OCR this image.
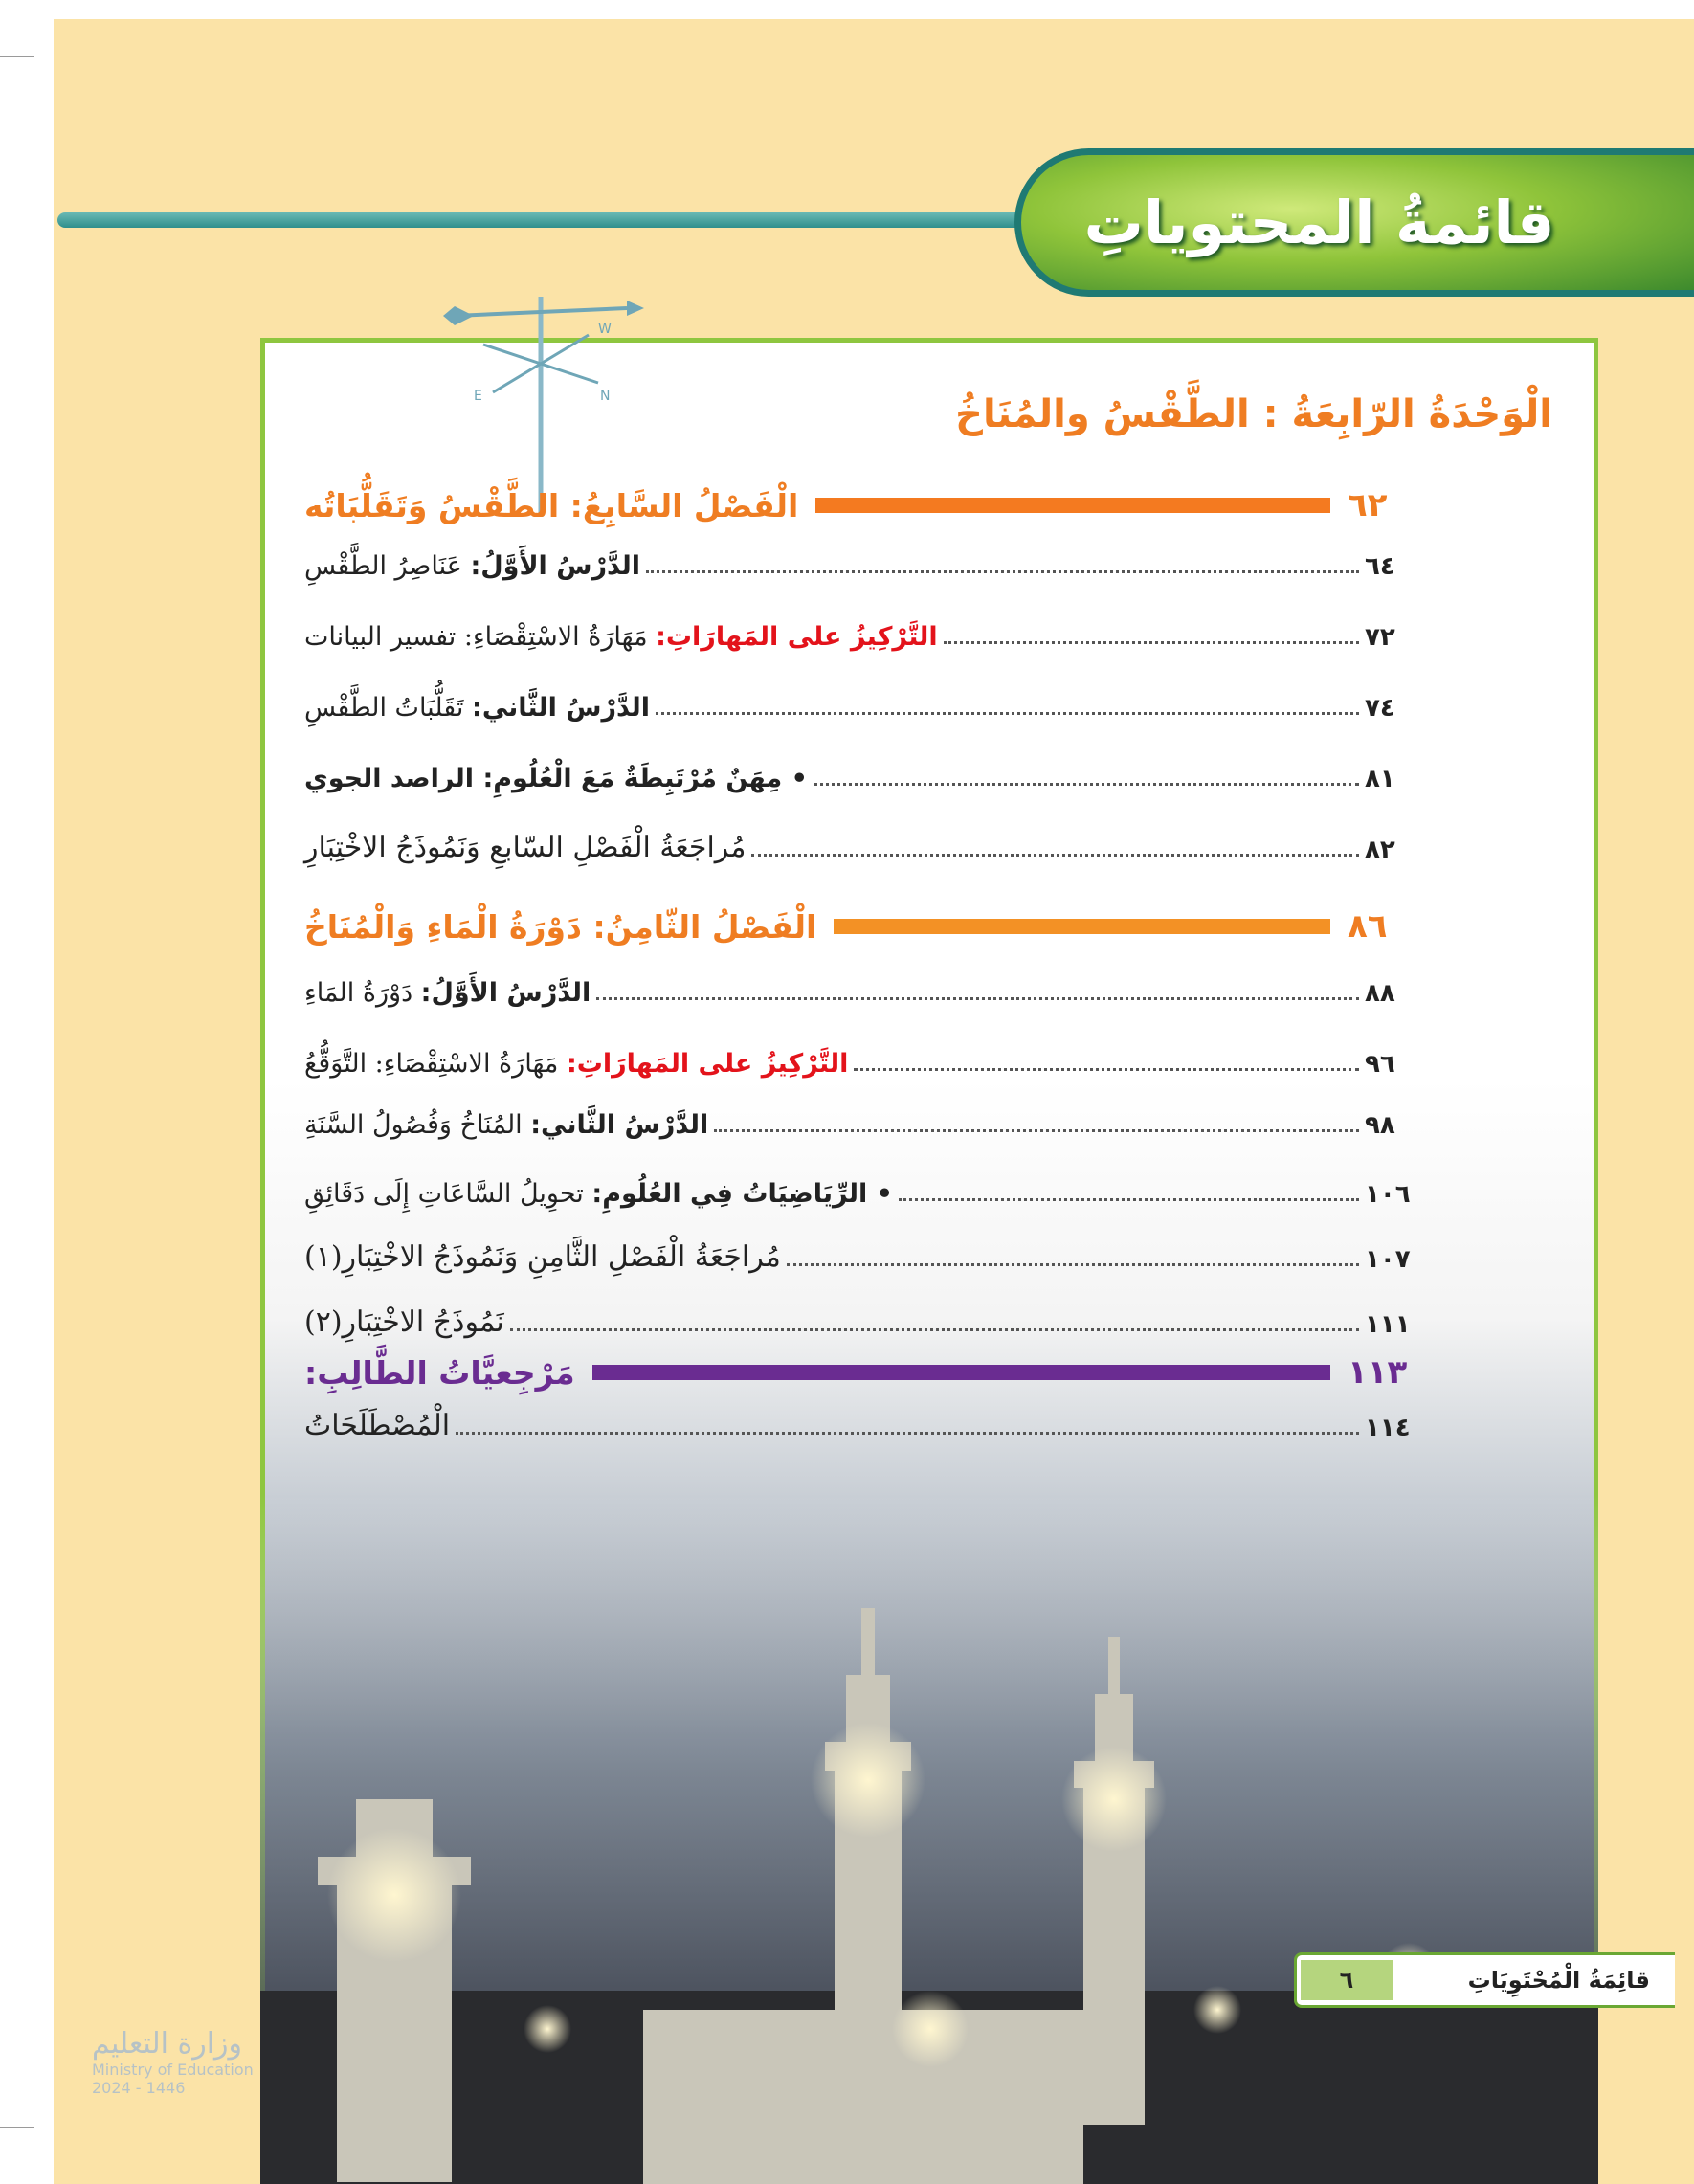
قائمةُ المحتوياتِ
E
W
N	الْوَحْدَةُ الرّابِعَةُ : الطَّقْسُ والمُنَاخُ
الْفَصْلُ السَّابِعُ: الطَّقْسُ وَتَقَلُّبَاتُه	٦٢
الدَّرْسُ الأَوَّلُ: عَنَاصِرُ الطَّقْسِ	٦٤
التَّرْكِيزُ على المَهارَاتِ: مَهَارَةُ الاسْتِقْصَاءِ: تفسير البيانات	٧٢
الدَّرْسُ الثَّاني: تَقَلُّبَاتُ الطَّقْسِ	٧٤
• مِهَنٌ مُرْتَبِطَةٌ مَعَ الْعُلُومِ: الراصد الجوي	٨١
مُراجَعَةُ الْفَصْلِ السّابعِ وَنَمُوذَجُ الاخْتِبَارِ	٨٢
الْفَصْلُ الثّامِنُ: دَوْرَةُ الْمَاءِ وَالْمُنَاخُ	٨٦
الدَّرْسُ الأَوَّلُ: دَوْرَةُ المَاءِ	٨٨
التَّرْكِيزُ على المَهارَاتِ: مَهَارَةُ الاسْتِقْصَاءِ: التَّوَقُّعُ	٩٦
الدَّرْسُ الثَّاني: المُنَاخُ وَفُصُولُ السَّنَةِ	٩٨
• الرِّيَاضِيَاتُ فِي العُلُومِ: تحوِيلُ السَّاعَاتِ إِلَى دَقَائِقِ	١٠٦
مُراجَعَةُ الْفَصْلِ الثَّامِنِ وَنَمُوذَجُ الاخْتِبَارِ(١)	١٠٧
نَمُوذَجُ الاخْتِبَارِ(٢)	١١١
مَرْجِعيَّاتُ الطَّالِبِ:	١١٣
الْمُصْطَلَحَاتُ	١١٤
قائِمَةُ الْمُحْتَوِيَاتِ
٦
وزارة التعليم
Ministry of Education
2024 - 1446
